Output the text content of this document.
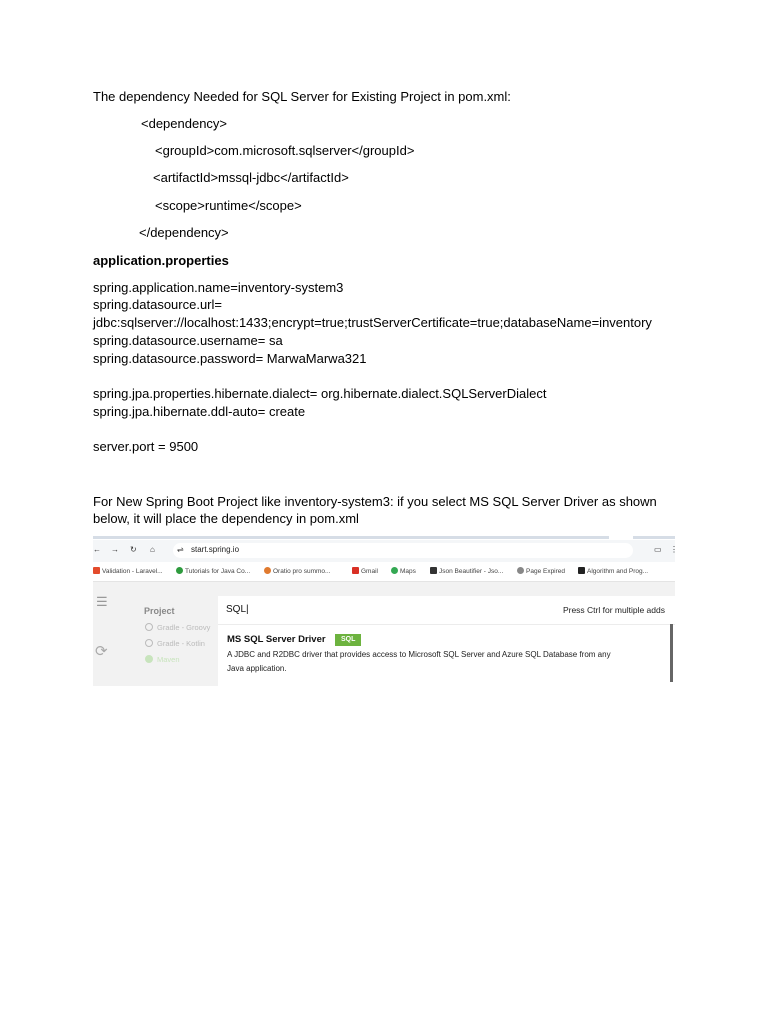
The dependency Needed for SQL Server for Existing Project in pom.xml:
<dependency>
<groupId>com.microsoft.sqlserver</groupId>
<artifactId>mssql-jdbc</artifactId>
<scope>runtime</scope>
</dependency>
application.properties
spring.application.name=inventory-system3
spring.datasource.url=
jdbc:sqlserver://localhost:1433;encrypt=true;trustServerCertificate=true;databaseName=inventory
spring.datasource.username= sa
spring.datasource.password= MarwaMarwa321
spring.jpa.properties.hibernate.dialect= org.hibernate.dialect.SQLServerDialect
spring.jpa.hibernate.ddl-auto= create
server.port = 9500
For New Spring Boot Project like inventory-system3: if you select MS SQL Server Driver as shown
below, it will place the dependency in pom.xml
← → ↻ ⌂	⇌ start.spring.io	▭ ⋮
Validation - Laravel...	Tutorials for Java Co...	Oratio pro summo...	Gmail	Maps	Json Beautifier - Jso...	Page Expired	Algorithm and Prog...
☰
⟳
Project
Gradle - Groovy
Gradle - Kotlin
Maven
SQL|	Press Ctrl for multiple adds
MS SQL Server Driver	SQL
A JDBC and R2DBC driver that provides access to Microsoft SQL Server and Azure SQL Database from any
Java application.
